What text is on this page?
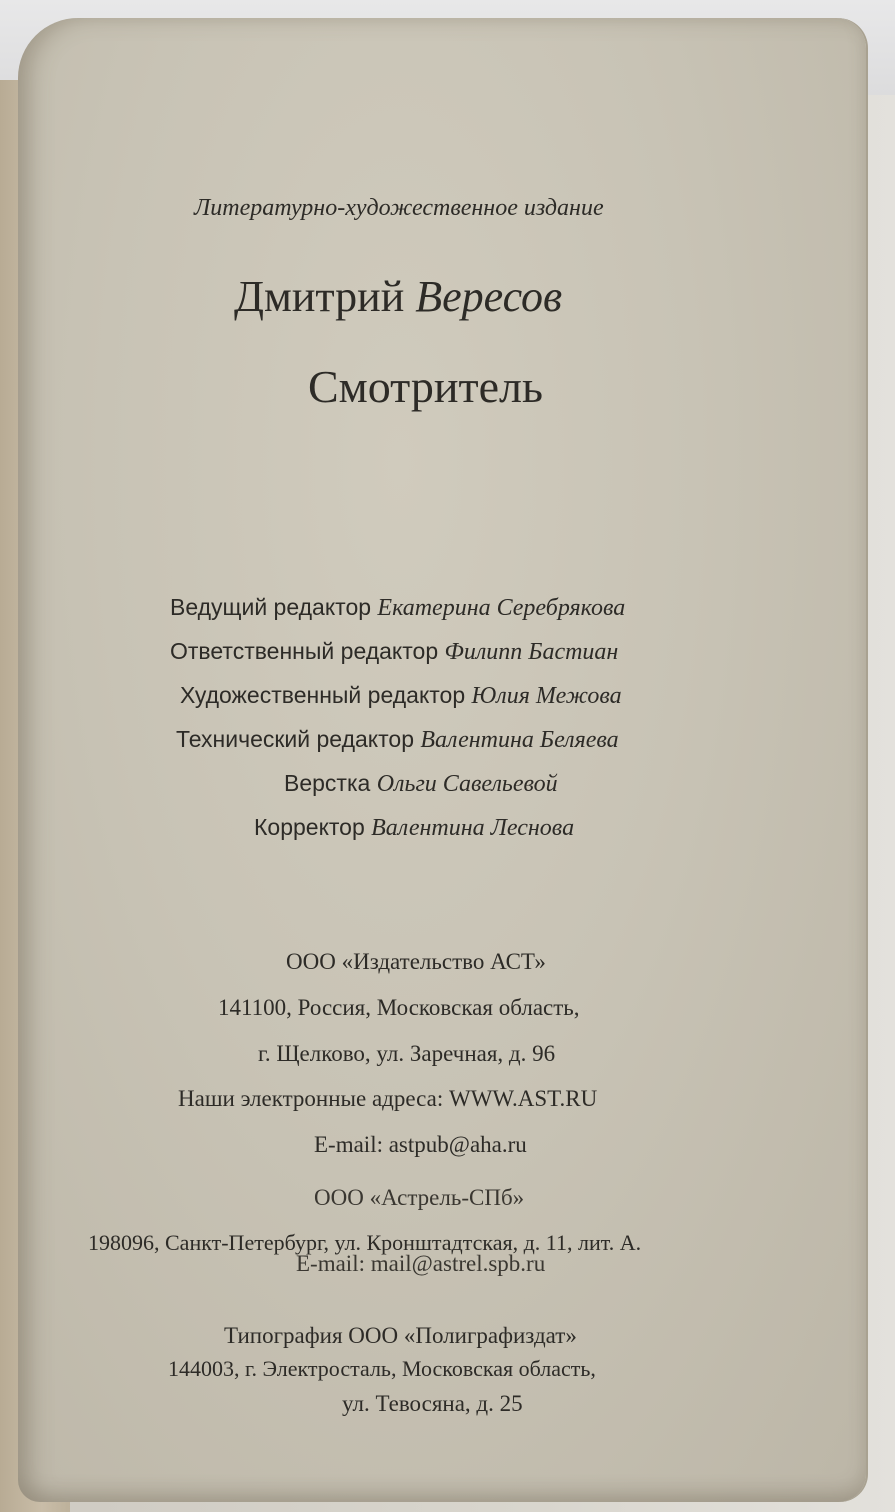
Литературно-художественное издание
Дмитрий Вересов
Смотритель
Ведущий редактор Екатерина Серебрякова
Ответственный редактор Филипп Бастиан
Художественный редактор Юлия Межова
Технический редактор Валентина Беляева
Верстка Ольги Савельевой
Корректор Валентина Леснова
ООО «Издательство АСТ»
141100, Россия, Московская область,
г. Щелково, ул. Заречная, д. 96
Наши электронные адреса: WWW.AST.RU
E-mail: astpub@aha.ru
ООО «Астрель-СПб»
198096, Санкт-Петербург, ул. Кронштадтская, д. 11, лит. А.
E-mail: mail@astrel.spb.ru
Типография ООО «Полиграфиздат»
144003, г. Электросталь, Московская область,
ул. Тевосяна, д. 25
